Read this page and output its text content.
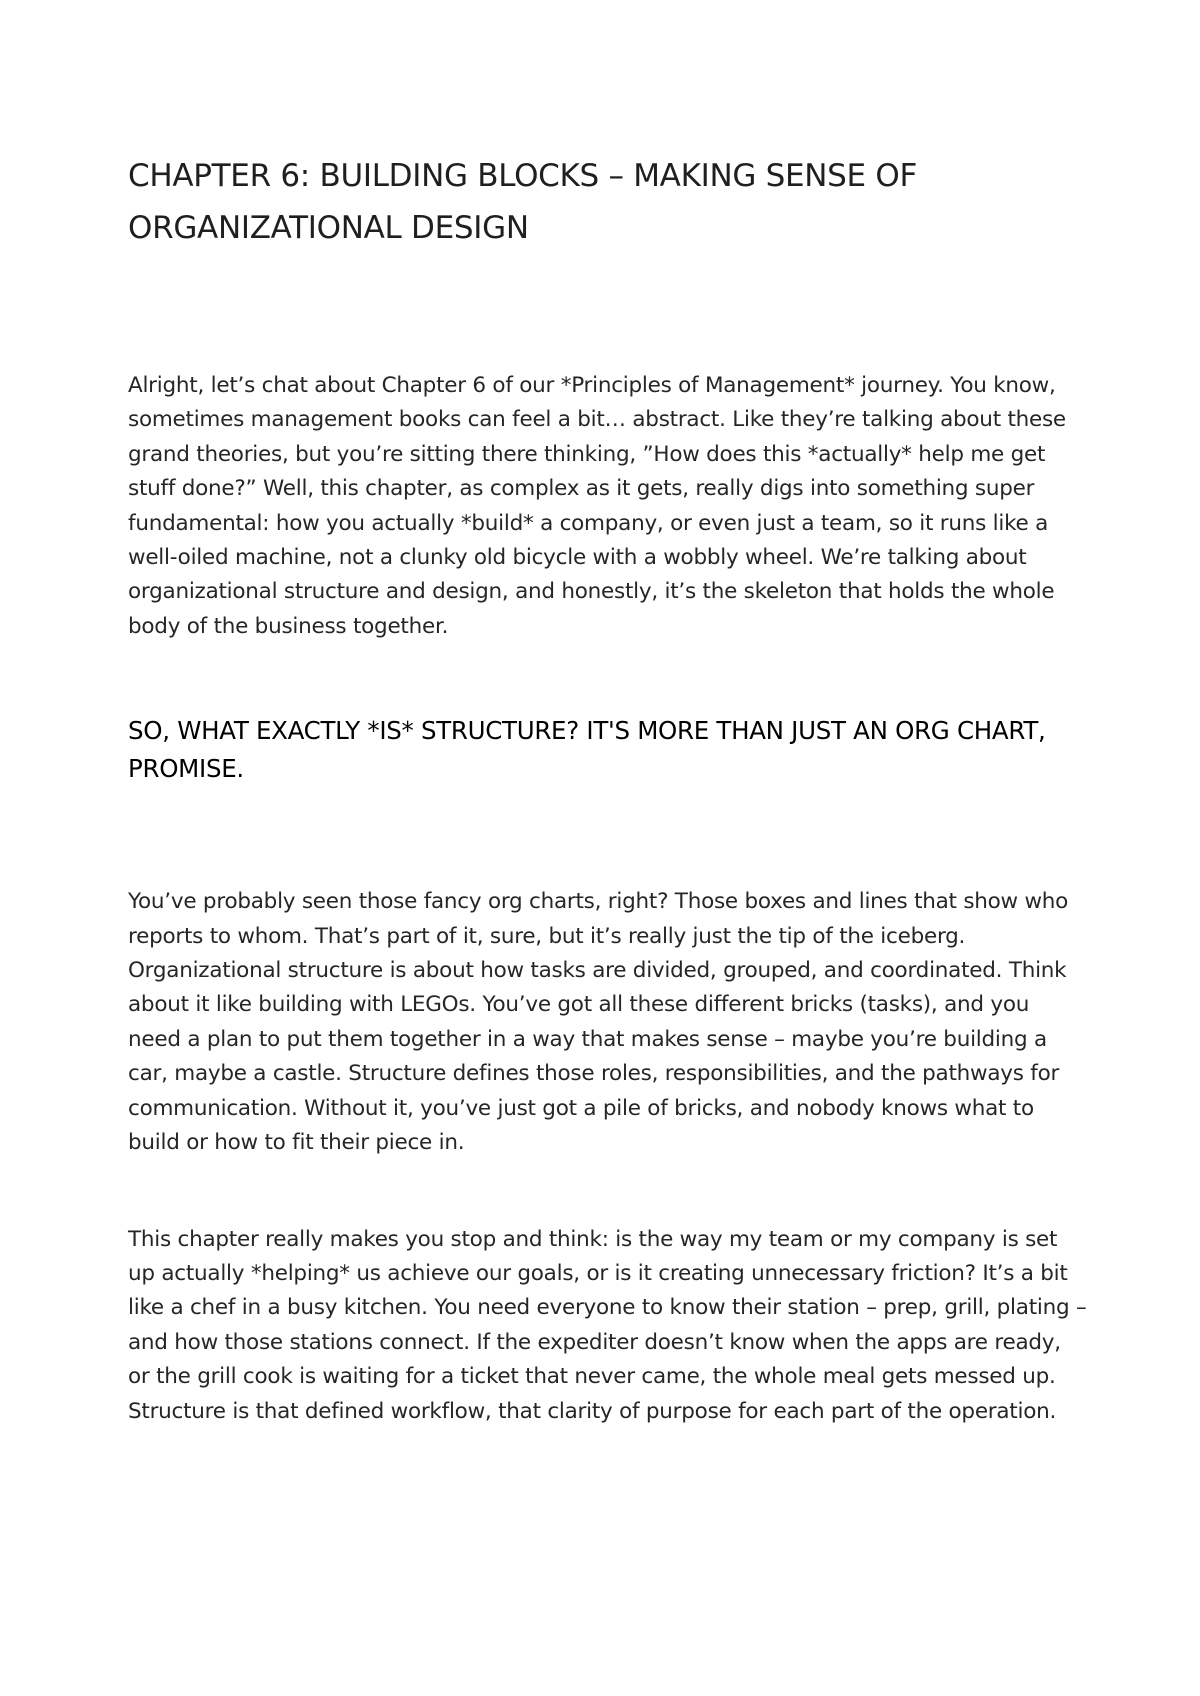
CHAPTER 6: BUILDING BLOCKS – MAKING SENSE OF ORGANIZATIONAL DESIGN

Alright, let’s chat about Chapter 6 of our *Principles of Management* journey. You know, sometimes management books can feel a bit… abstract. Like they’re talking about these grand theories, but you’re sitting there thinking, ”How does this *actually* help me get stuff done?” Well, this chapter, as complex as it gets, really digs into something super fundamental: how you actually *build* a company, or even just a team, so it runs like a well-oiled machine, not a clunky old bicycle with a wobbly wheel. We’re talking about organizational structure and design, and honestly, it’s the skeleton that holds the whole body of the business together.

SO, WHAT EXACTLY *IS* STRUCTURE? IT'S MORE THAN JUST AN ORG CHART, PROMISE.

You’ve probably seen those fancy org charts, right? Those boxes and lines that show who reports to whom. That’s part of it, sure, but it’s really just the tip of the iceberg. Organizational structure is about how tasks are divided, grouped, and coordinated. Think about it like building with LEGOs. You’ve got all these different bricks (tasks), and you need a plan to put them together in a way that makes sense – maybe you’re building a car, maybe a castle. Structure defines those roles, responsibilities, and the pathways for communication. Without it, you’ve just got a pile of bricks, and nobody knows what to build or how to fit their piece in.

This chapter really makes you stop and think: is the way my team or my company is set up actually *helping* us achieve our goals, or is it creating unnecessary friction? It’s a bit like a chef in a busy kitchen. You need everyone to know their station – prep, grill, plating – and how those stations connect. If the expediter doesn’t know when the apps are ready, or the grill cook is waiting for a ticket that never came, the whole meal gets messed up. Structure is that defined workflow, that clarity of purpose for each part of the operation.
